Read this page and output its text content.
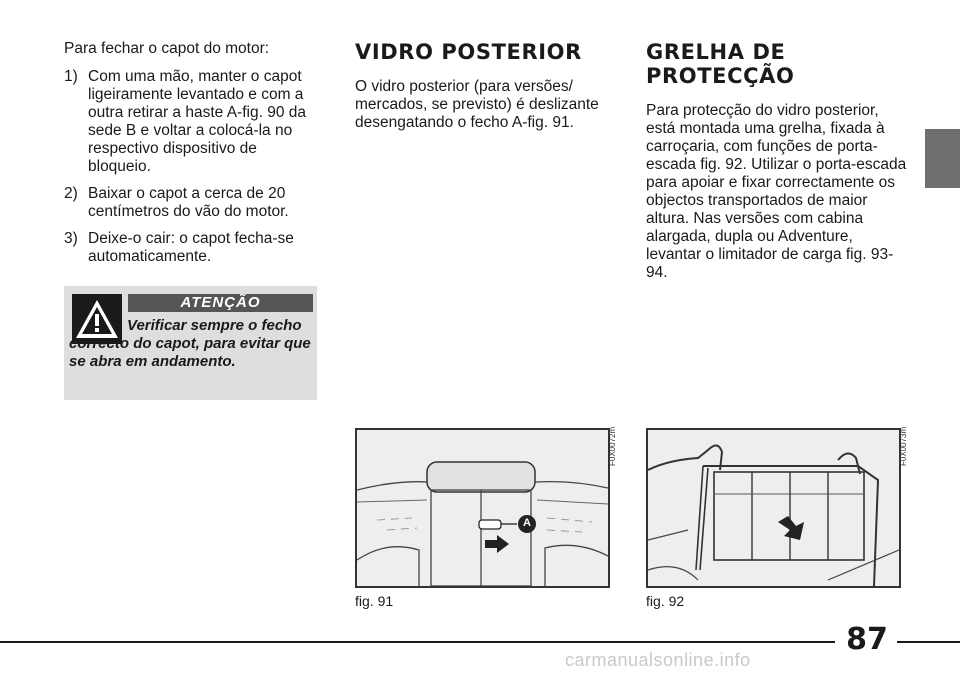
Para fechar o capot do motor:

1) Com uma mão, manter o capot ligeiramente levantado e com a outra retirar a haste A-fig. 90 da sede B e voltar a colocá-la no respectivo dispositivo de bloqueio.
2) Baixar o capot a cerca de 20 centímetros do vão do motor.
3) Deixe-o cair: o capot fecha-se automaticamente.
ATENÇÃO
Verificar sempre o fecho correcto do capot, para evitar que se abra em andamento.
VIDRO POSTERIOR

O vidro posterior (para versões/ mercados, se previsto) é deslizante desengatando o fecho A-fig. 91.

GRELHA DE PROTECÇÃO

Para protecção do vidro posterior, está montada uma grelha, fixada à carroçaria, com funções de porta-escada fig. 92. Utilizar o porta-escada para apoiar e fixar correctamente os objectos transportados de maior altura. Nas versões com cabina alargada, dupla ou Adventure, levantar o limitador de carga fig. 93-94.

A
F0X0072m
fig. 91
F0X0073m
fig. 92
87
carmanualsonline.info
